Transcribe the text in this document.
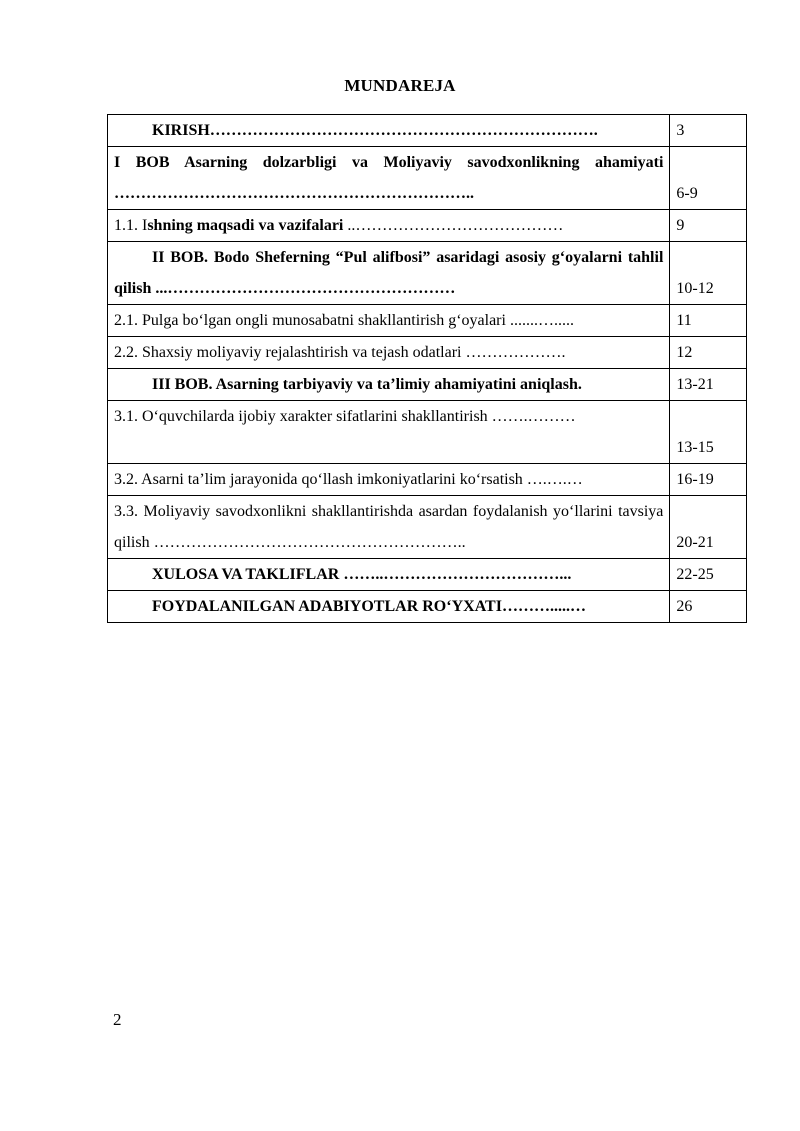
MUNDAREJA
KIRISH……………………………………………………………….	3
I BOB Asarning dolzarbligi va Moliyaviy savodxonlikning ahamiyati …………………………………………………………..	6-9
1.1. Ishning maqsadi va vazifalari ..…………………………………	9
II BOB. Bodo Sheferning “Pul alifbosi” asaridagi asosiy g‘oyalarni tahlil qilish ...………………………………………………	10-12
2.1. Pulga bo‘lgan ongli munosabatni shakllantirish g‘oyalari .......….....	11
2.2. Shaxsiy moliyaviy rejalashtirish va tejash odatlari ……………….	12
III BOB. Asarning tarbiyaviy va ta’limiy ahamiyatini aniqlash.	13-21
3.1. O‘quvchilarda ijobiy xarakter sifatlarini shakllantirish …….………	13-15
3.2. Asarni ta’lim jarayonida qo‘llash imkoniyatlarini ko‘rsatish ….….…	16-19
3.3. Moliyaviy savodxonlikni shakllantirishda asardan foydalanish yo‘llarini tavsiya qilish …………………………………………………..	20-21
XULOSA VA TAKLIFLAR ……..……………………………...	22-25
FOYDALANILGAN ADABIYOTLAR RO‘YXATI……….....…	26
2
